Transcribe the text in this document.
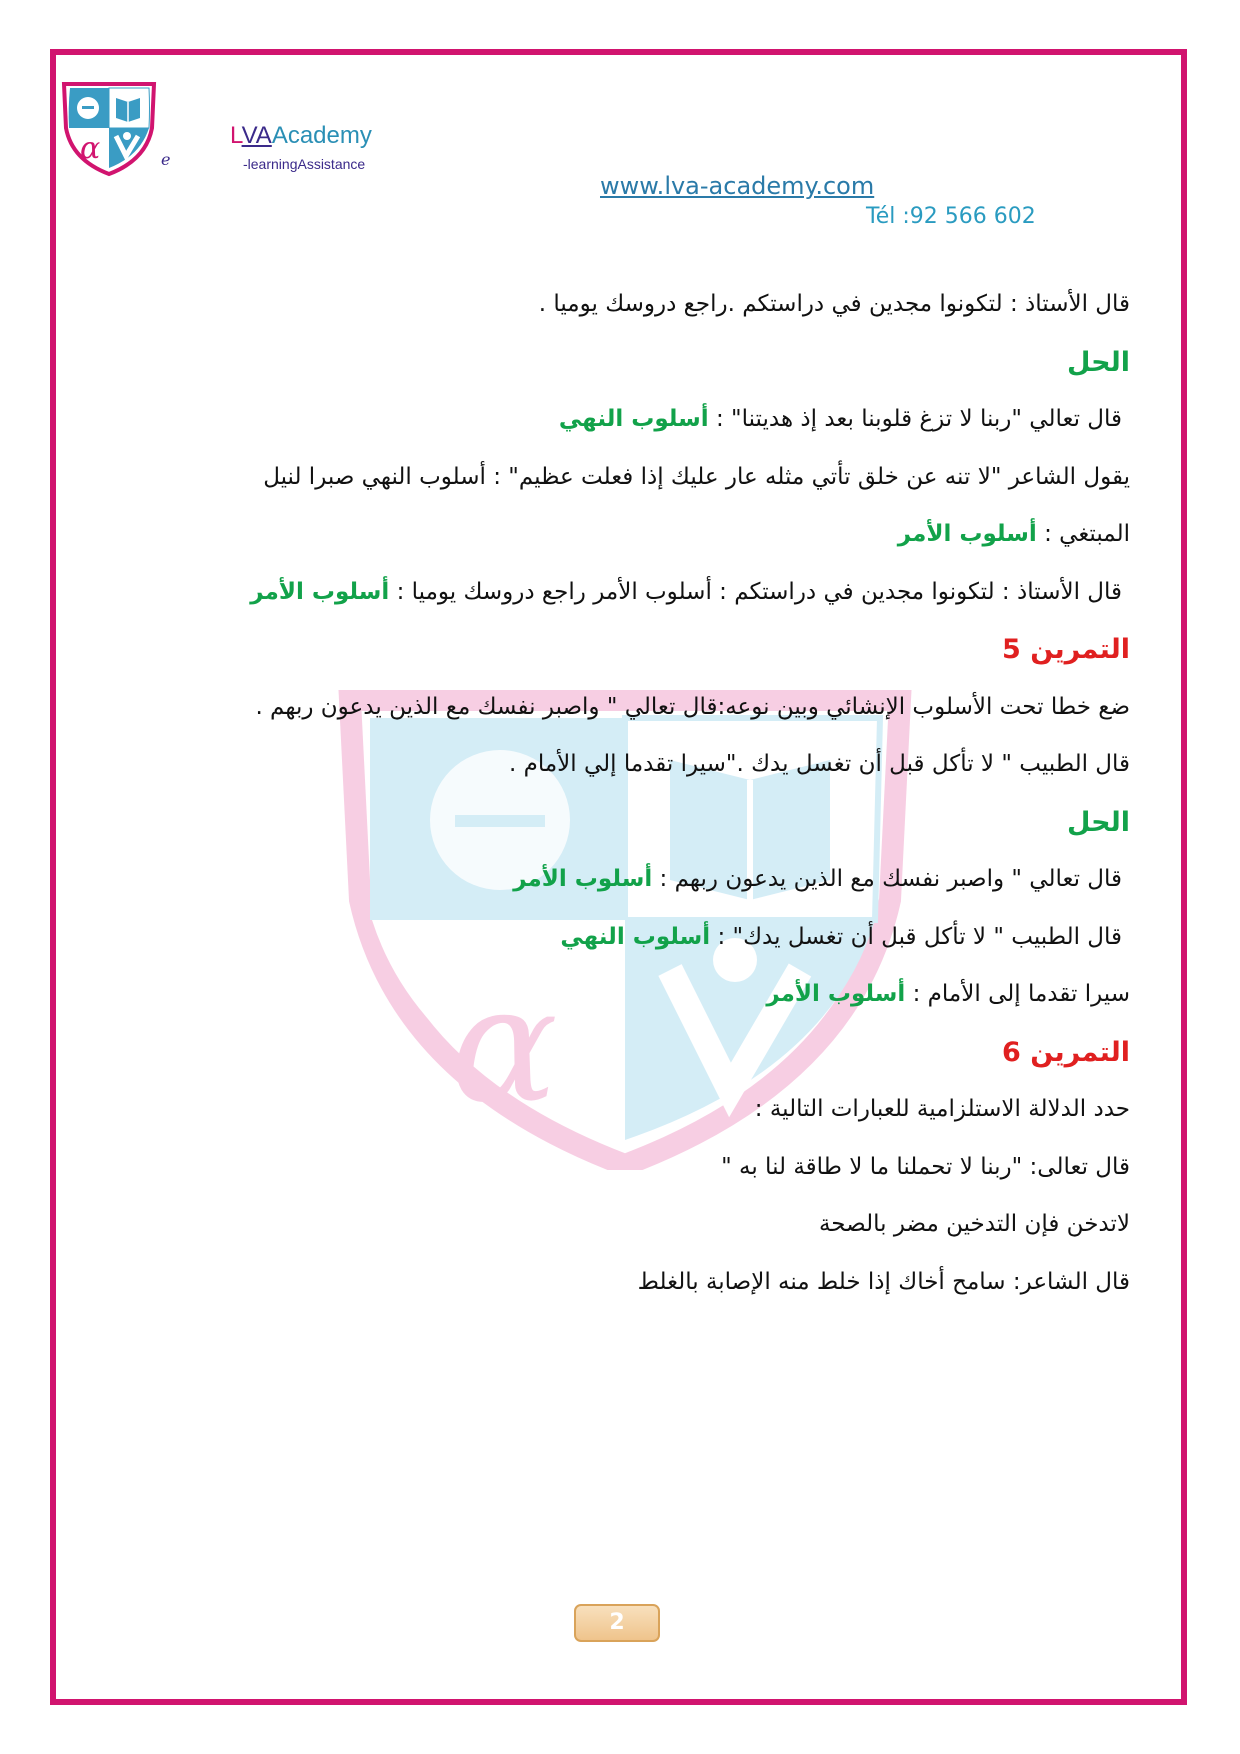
α	e
LVAAcademy
-learningAssistance
www.lva-academy.com
Tél :92 566 602
α
قال الأستاذ : لتكونوا مجدين في دراستكم .راجع دروسك يوميا .
الحل
قال تعالي "ربنا لا تزغ قلوبنا بعد إذ هديتنا" : أسلوب النهي
يقول الشاعر "لا تنه عن خلق تأتي مثله عار عليك إذا فعلت عظيم" : أسلوب النهي صبرا لنيل
المبتغي : أسلوب الأمر
قال الأستاذ : لتكونوا مجدين في دراستكم : أسلوب الأمر راجع دروسك يوميا : أسلوب الأمر
التمرين 5
ضع خطا تحت الأسلوب الإنشائي وبين نوعه:قال تعالي " واصبر نفسك مع الذين يدعون ربهم .
قال الطبيب " لا تأكل قبل أن تغسل يدك ."سيرا تقدما إلي الأمام .
الحل
قال تعالي " واصبر نفسك مع الذين يدعون ربهم : أسلوب الأمر
قال الطبيب " لا تأكل قبل أن تغسل يدك" : أسلوب النهي
سيرا تقدما إلى الأمام : أسلوب الأمر
التمرين 6
حدد الدلالة الاستلزامية للعبارات التالية :
قال تعالى: "ربنا لا تحملنا ما لا طاقة لنا به "
لاتدخن فإن التدخين مضر بالصحة
قال الشاعر: سامح أخاك إذا خلط منه الإصابة بالغلط
2
